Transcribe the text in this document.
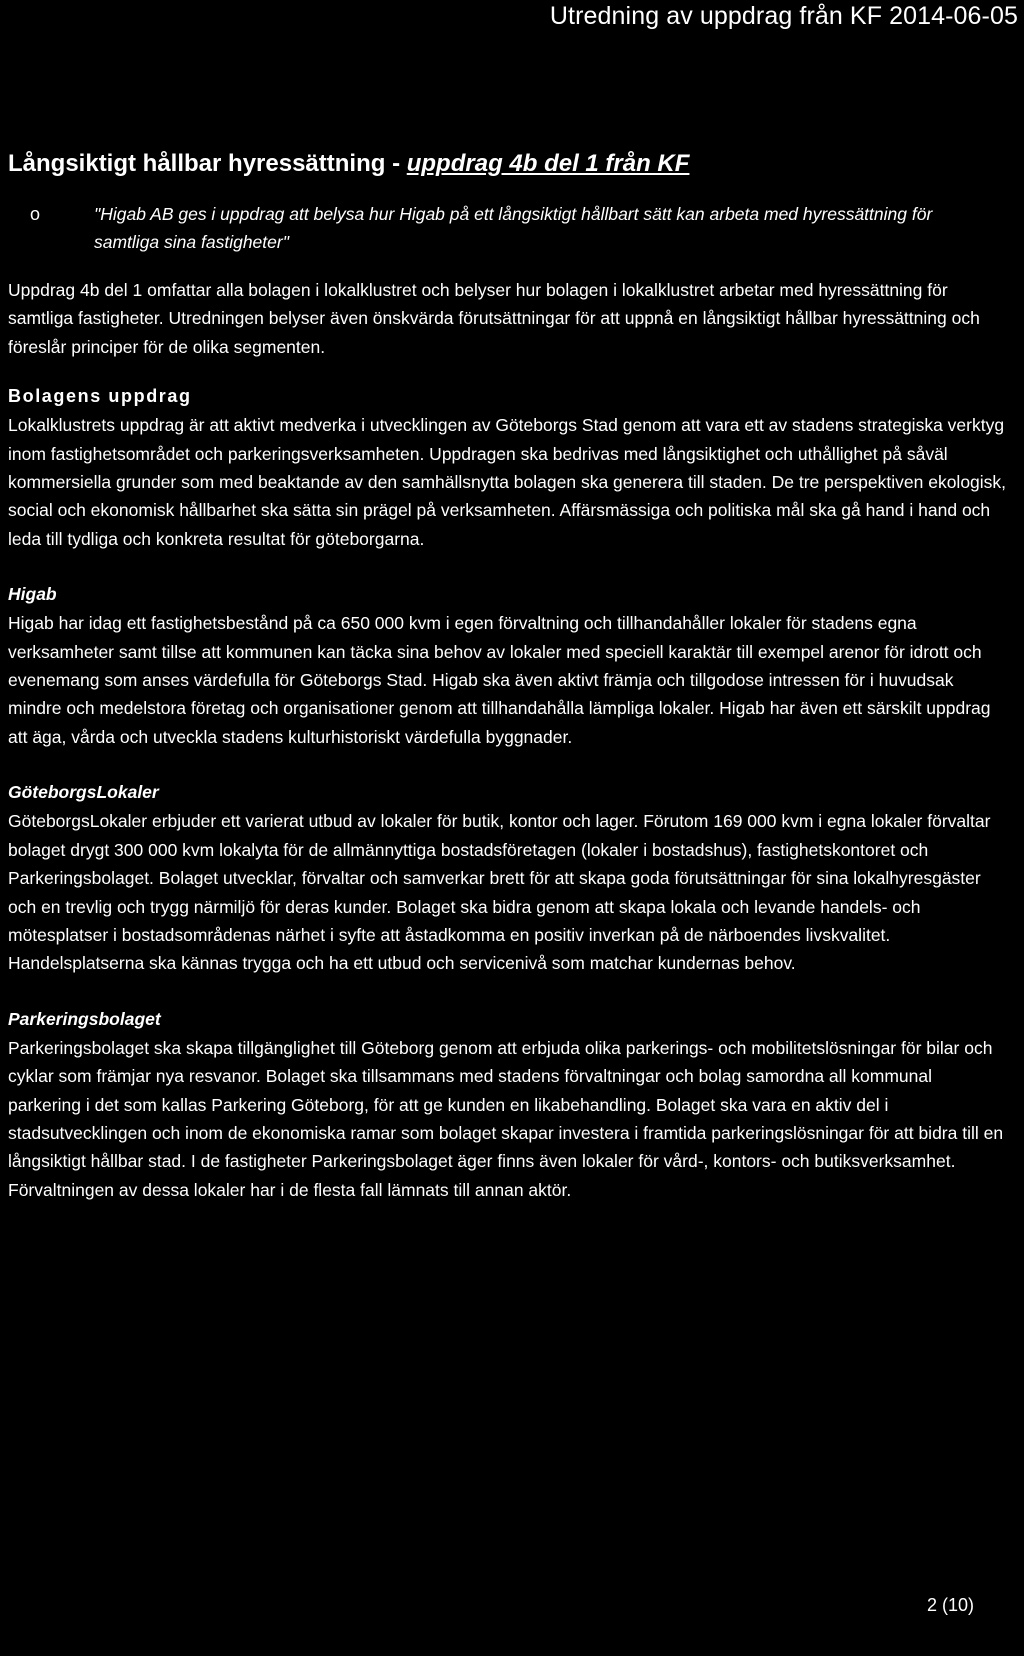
Utredning av uppdrag från KF 2014-06-05
Långsiktigt hållbar hyressättning - uppdrag 4b del 1 från KF
o	"Higab AB ges i uppdrag att belysa hur Higab på ett långsiktigt hållbart sätt kan arbeta med hyressättning för samtliga sina fastigheter"

Uppdrag 4b del 1 omfattar alla bolagen i lokalklustret och belyser hur bolagen i lokalklustret arbetar med hyressättning för samtliga fastigheter. Utredningen belyser även önskvärda förutsättningar för att uppnå en långsiktigt hållbar hyressättning och föreslår principer för de olika segmenten.

Bolagens uppdrag

Lokalklustrets uppdrag är att aktivt medverka i utvecklingen av Göteborgs Stad genom att vara ett av stadens strategiska verktyg inom fastighetsområdet och parkeringsverksamheten. Uppdragen ska bedrivas med långsiktighet och uthållighet på såväl kommersiella grunder som med beaktande av den samhällsnytta bolagen ska generera till staden. De tre perspektiven ekologisk, social och ekonomisk hållbarhet ska sätta sin prägel på verksamheten. Affärsmässiga och politiska mål ska gå hand i hand och leda till tydliga och konkreta resultat för göteborgarna.

Higab

Higab har idag ett fastighetsbestånd på ca 650 000 kvm i egen förvaltning och tillhandahåller lokaler för stadens egna verksamheter samt tillse att kommunen kan täcka sina behov av lokaler med speciell karaktär till exempel arenor för idrott och evenemang som anses värdefulla för Göteborgs Stad. Higab ska även aktivt främja och tillgodose intressen för i huvudsak mindre och medelstora företag och organisationer genom att tillhandahålla lämpliga lokaler. Higab har även ett särskilt uppdrag att äga, vårda och utveckla stadens kulturhistoriskt värdefulla byggnader.

GöteborgsLokaler

GöteborgsLokaler erbjuder ett varierat utbud av lokaler för butik, kontor och lager. Förutom 169 000 kvm i egna lokaler förvaltar bolaget drygt 300 000 kvm lokalyta för de allmännyttiga bostadsföretagen (lokaler i bostadshus), fastighetskontoret och Parkeringsbolaget. Bolaget utvecklar, förvaltar och samverkar brett för att skapa goda förutsättningar för sina lokalhyresgäster och en trevlig och trygg närmiljö för deras kunder. Bolaget ska bidra genom att skapa lokala och levande handels- och mötesplatser i bostadsområdenas närhet i syfte att åstadkomma en positiv inverkan på de närboendes livskvalitet. Handelsplatserna ska kännas trygga och ha ett utbud och servicenivå som matchar kundernas behov.

Parkeringsbolaget

Parkeringsbolaget ska skapa tillgänglighet till Göteborg genom att erbjuda olika parkerings- och mobilitetslösningar för bilar och cyklar som främjar nya resvanor. Bolaget ska tillsammans med stadens förvaltningar och bolag samordna all kommunal parkering i det som kallas Parkering Göteborg, för att ge kunden en likabehandling. Bolaget ska vara en aktiv del i stadsutvecklingen och inom de ekonomiska ramar som bolaget skapar investera i framtida parkeringslösningar för att bidra till en långsiktigt hållbar stad. I de fastigheter Parkeringsbolaget äger finns även lokaler för vård-, kontors- och butiksverksamhet. Förvaltningen av dessa lokaler har i de flesta fall lämnats till annan aktör.

2 (10)
